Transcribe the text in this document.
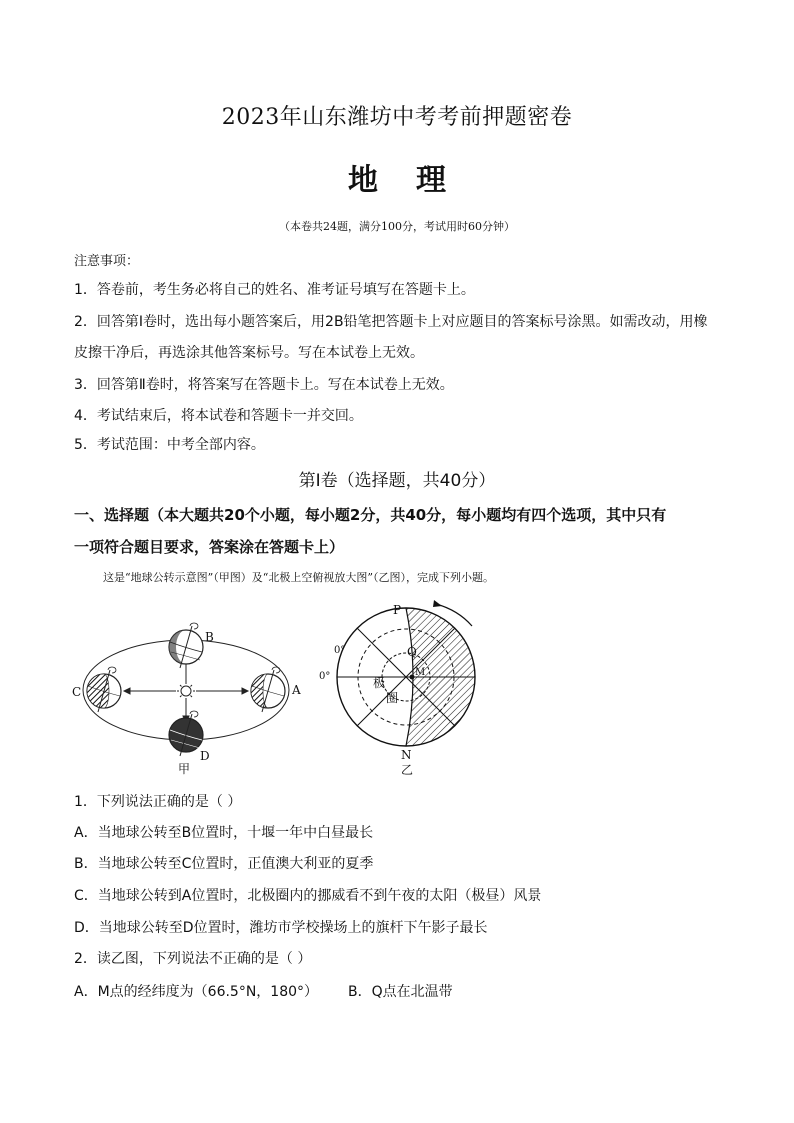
2023年山东潍坊中考考前押题密卷
地 理
（本卷共24题，满分100分，考试用时60分钟）
注意事项：
1．答卷前，考生务必将自己的姓名、准考证号填写在答题卡上。
2．回答第Ⅰ卷时，选出每小题答案后，用2B铅笔把答题卡上对应题目的答案标号涂黑。如需改动，用橡
皮擦干净后，再选涂其他答案标号。写在本试卷上无效。
3．回答第Ⅱ卷时，将答案写在答题卡上。写在本试卷上无效。
4．考试结束后，将本试卷和答题卡一并交回。
5．考试范围：中考全部内容。
第Ⅰ卷（选择题，共40分）
一、选择题（本大题共20个小题，每小题2分，共40分，每小题均有四个选项，其中只有
一项符合题目要求，答案涂在答题卡上）
这是“地球公转示意图”（甲图）及“北极上空俯视放大图”（乙图），完成下列小题。
B
C	A
D
甲
P
N
Q
M
0°
0°	极
圈
乙
1．下列说法正确的是（ ）
A．当地球公转至B位置时，十堰一年中白昼最长
B．当地球公转至C位置时，正值澳大利亚的夏季
C．当地球公转到A位置时，北极圈内的挪威看不到午夜的太阳（极昼）风景
D．当地球公转至D位置时，潍坊市学校操场上的旗杆下午影子最长
2．读乙图，下列说法不正确的是（ ）
A．M点的经纬度为（66.5°N，180°） B．Q点在北温带
